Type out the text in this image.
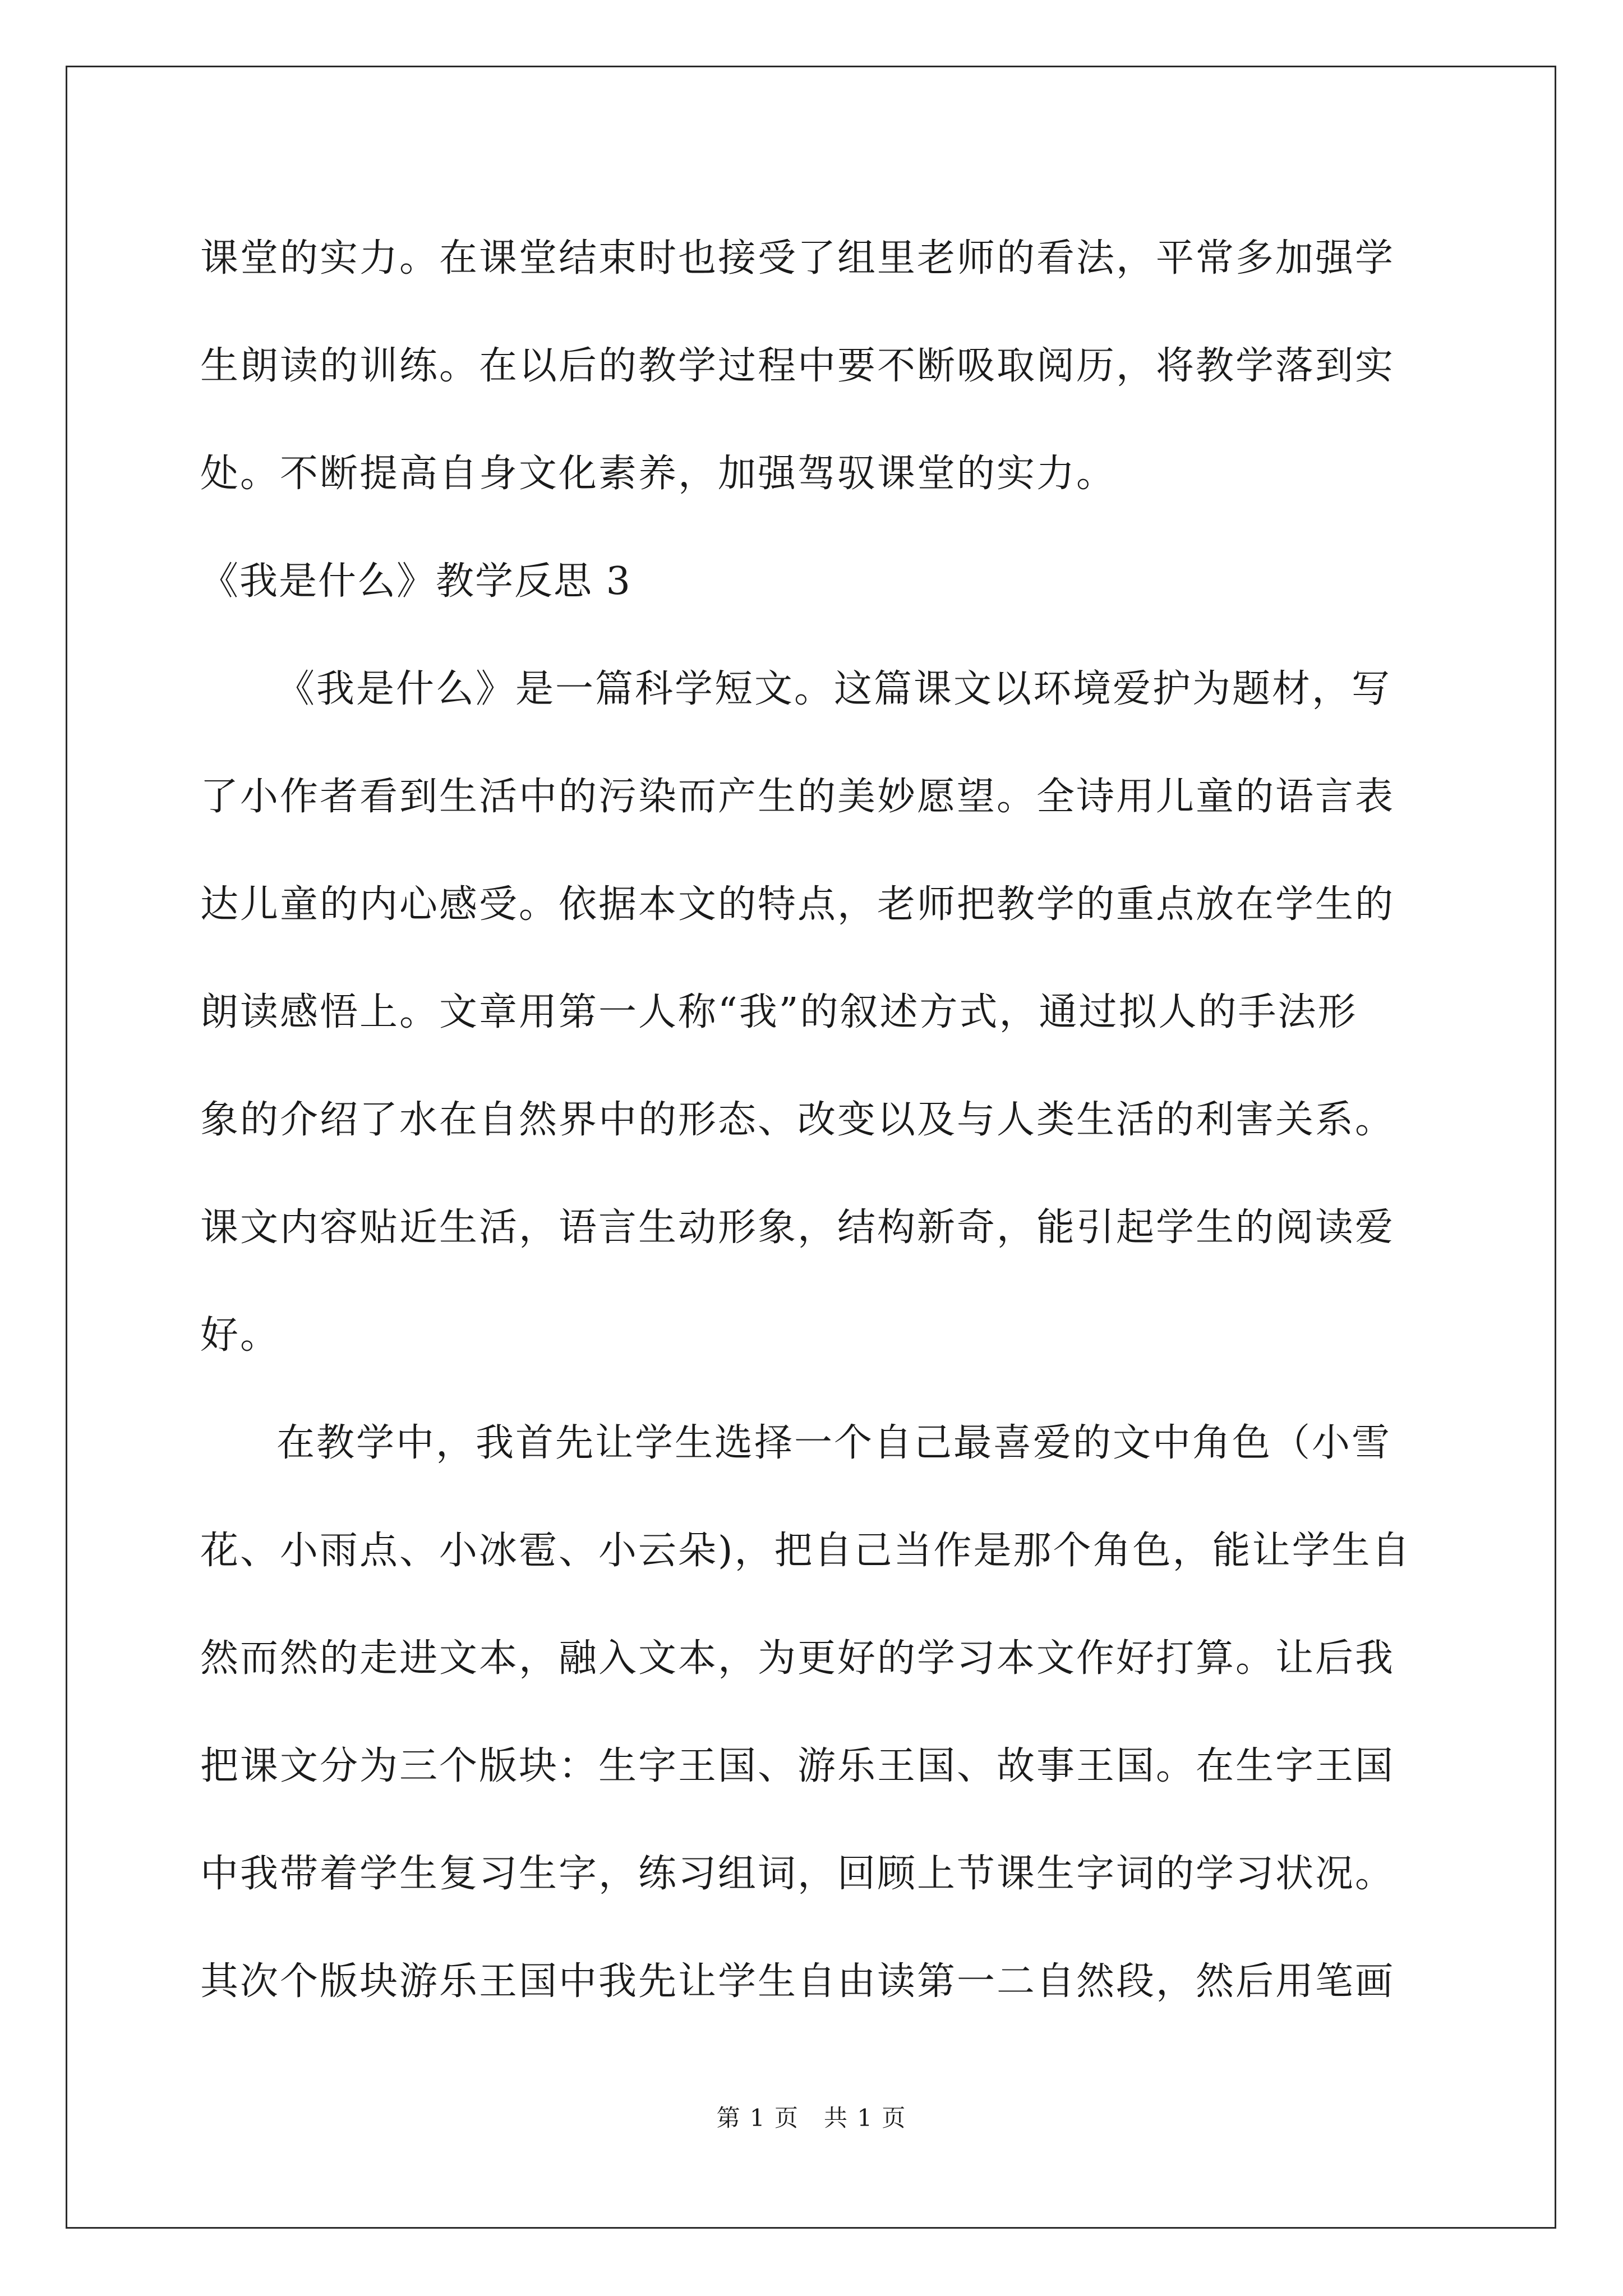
课堂的实力。在课堂结束时也接受了组里老师的看法，平常多加强学
生朗读的训练。在以后的教学过程中要不断吸取阅历，将教学落到实
处。不断提高自身文化素养，加强驾驭课堂的实力。
《我是什么》教学反思 3
《我是什么》是一篇科学短文。这篇课文以环境爱护为题材，写
了小作者看到生活中的污染而产生的美妙愿望。全诗用儿童的语言表
达儿童的内心感受。依据本文的特点，老师把教学的重点放在学生的
朗读感悟上。文章用第一人称“我”的叙述方式，通过拟人的手法形
象的介绍了水在自然界中的形态、改变以及与人类生活的利害关系。
课文内容贴近生活，语言生动形象，结构新奇，能引起学生的阅读爱
好。
在教学中，我首先让学生选择一个自己最喜爱的文中角色（小雪
花、小雨点、小冰雹、小云朵)，把自己当作是那个角色，能让学生自
然而然的走进文本，融入文本，为更好的学习本文作好打算。让后我
把课文分为三个版块：生字王国、游乐王国、故事王国。在生字王国
中我带着学生复习生字，练习组词，回顾上节课生字词的学习状况。
其次个版块游乐王国中我先让学生自由读第一二自然段，然后用笔画
第 1 页　共 1 页
